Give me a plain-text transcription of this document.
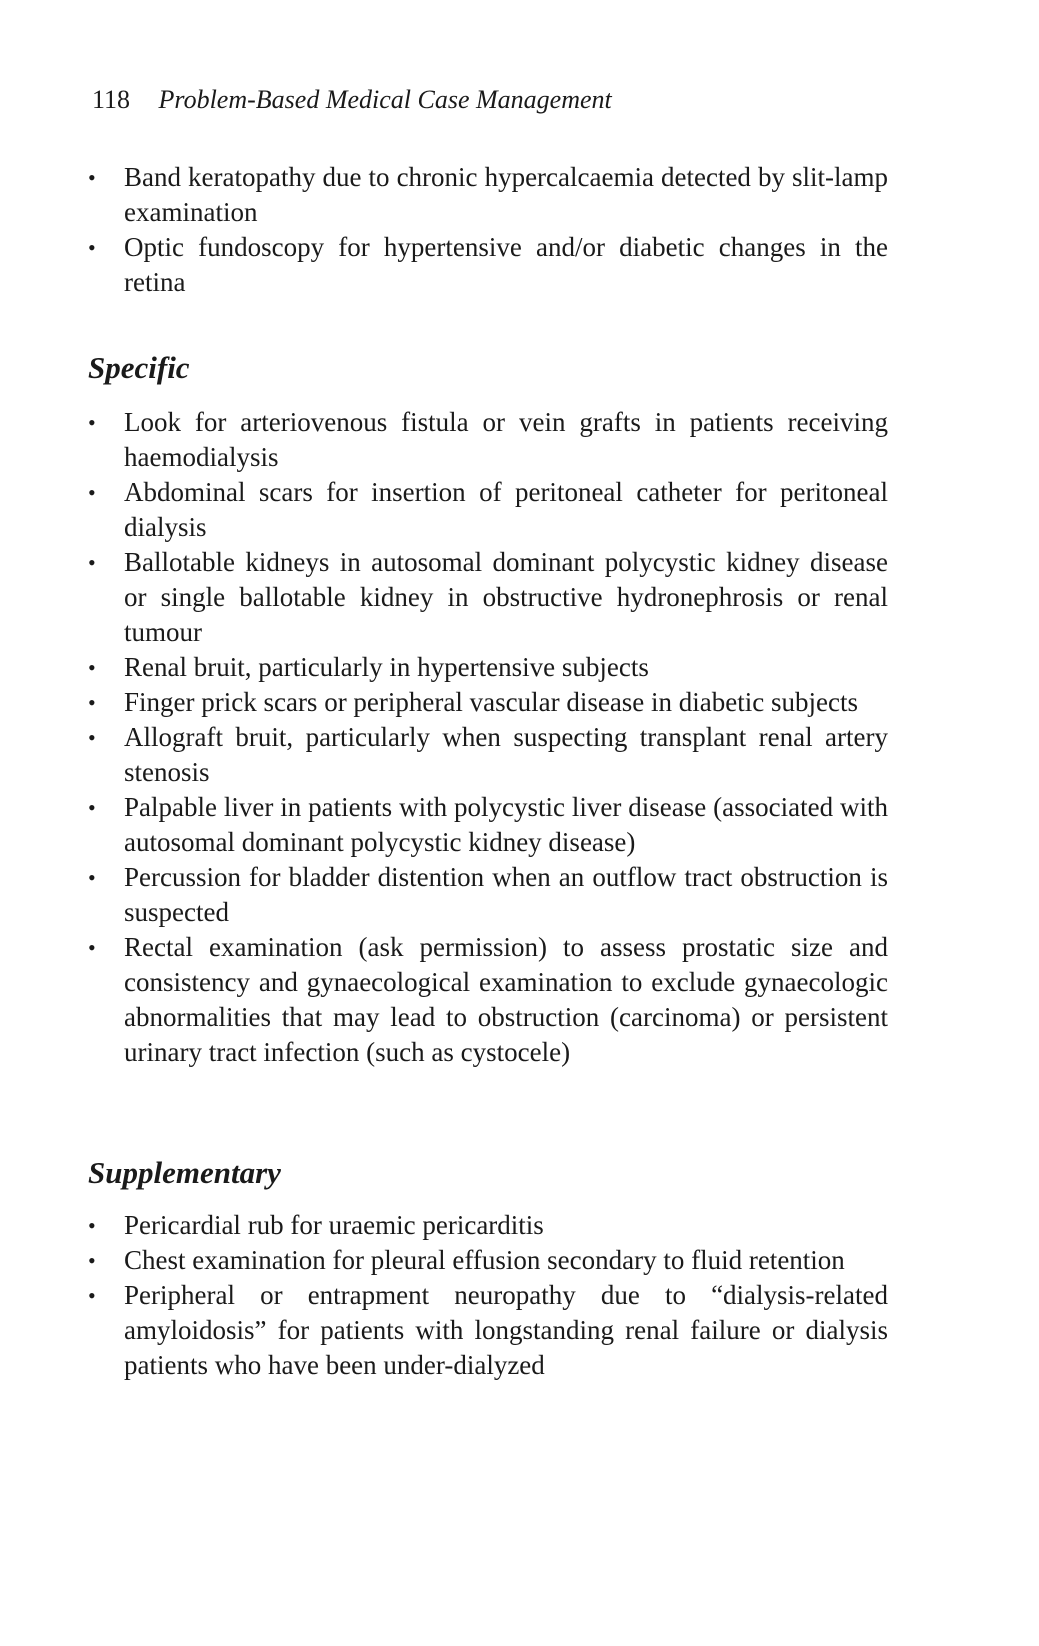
118 Problem-Based Medical Case Management
•	Band keratopathy due to chronic hypercalcaemia detected by slit-lamp examination
•	Optic fundoscopy for hypertensive and/or diabetic changes in the retina
Specific
•	Look for arteriovenous fistula or vein grafts in patients receiving haemodialysis
•	Abdominal scars for insertion of peritoneal catheter for peritoneal dialysis
•	Ballotable kidneys in autosomal dominant polycystic kidney disease or single ballotable kidney in obstructive hydronephrosis or renal tumour
•	Renal bruit, particularly in hypertensive subjects
•	Finger prick scars or peripheral vascular disease in diabetic subjects
•	Allograft bruit, particularly when suspecting transplant renal artery stenosis
•	Palpable liver in patients with polycystic liver disease (associated with autosomal dominant polycystic kidney disease)
•	Percussion for bladder distention when an outflow tract obstruction is suspected
•	Rectal examination (ask permission) to assess prostatic size and consistency and gynaecological examination to exclude gynaecologic abnormalities that may lead to obstruction (carcinoma) or persistent urinary tract infection (such as cystocele)
Supplementary
•	Pericardial rub for uraemic pericarditis
•	Chest examination for pleural effusion secondary to fluid retention
•	Peripheral or entrapment neuropathy due to “dialysis-related amyloidosis” for patients with longstanding renal failure or dialysis patients who have been under-dialyzed
